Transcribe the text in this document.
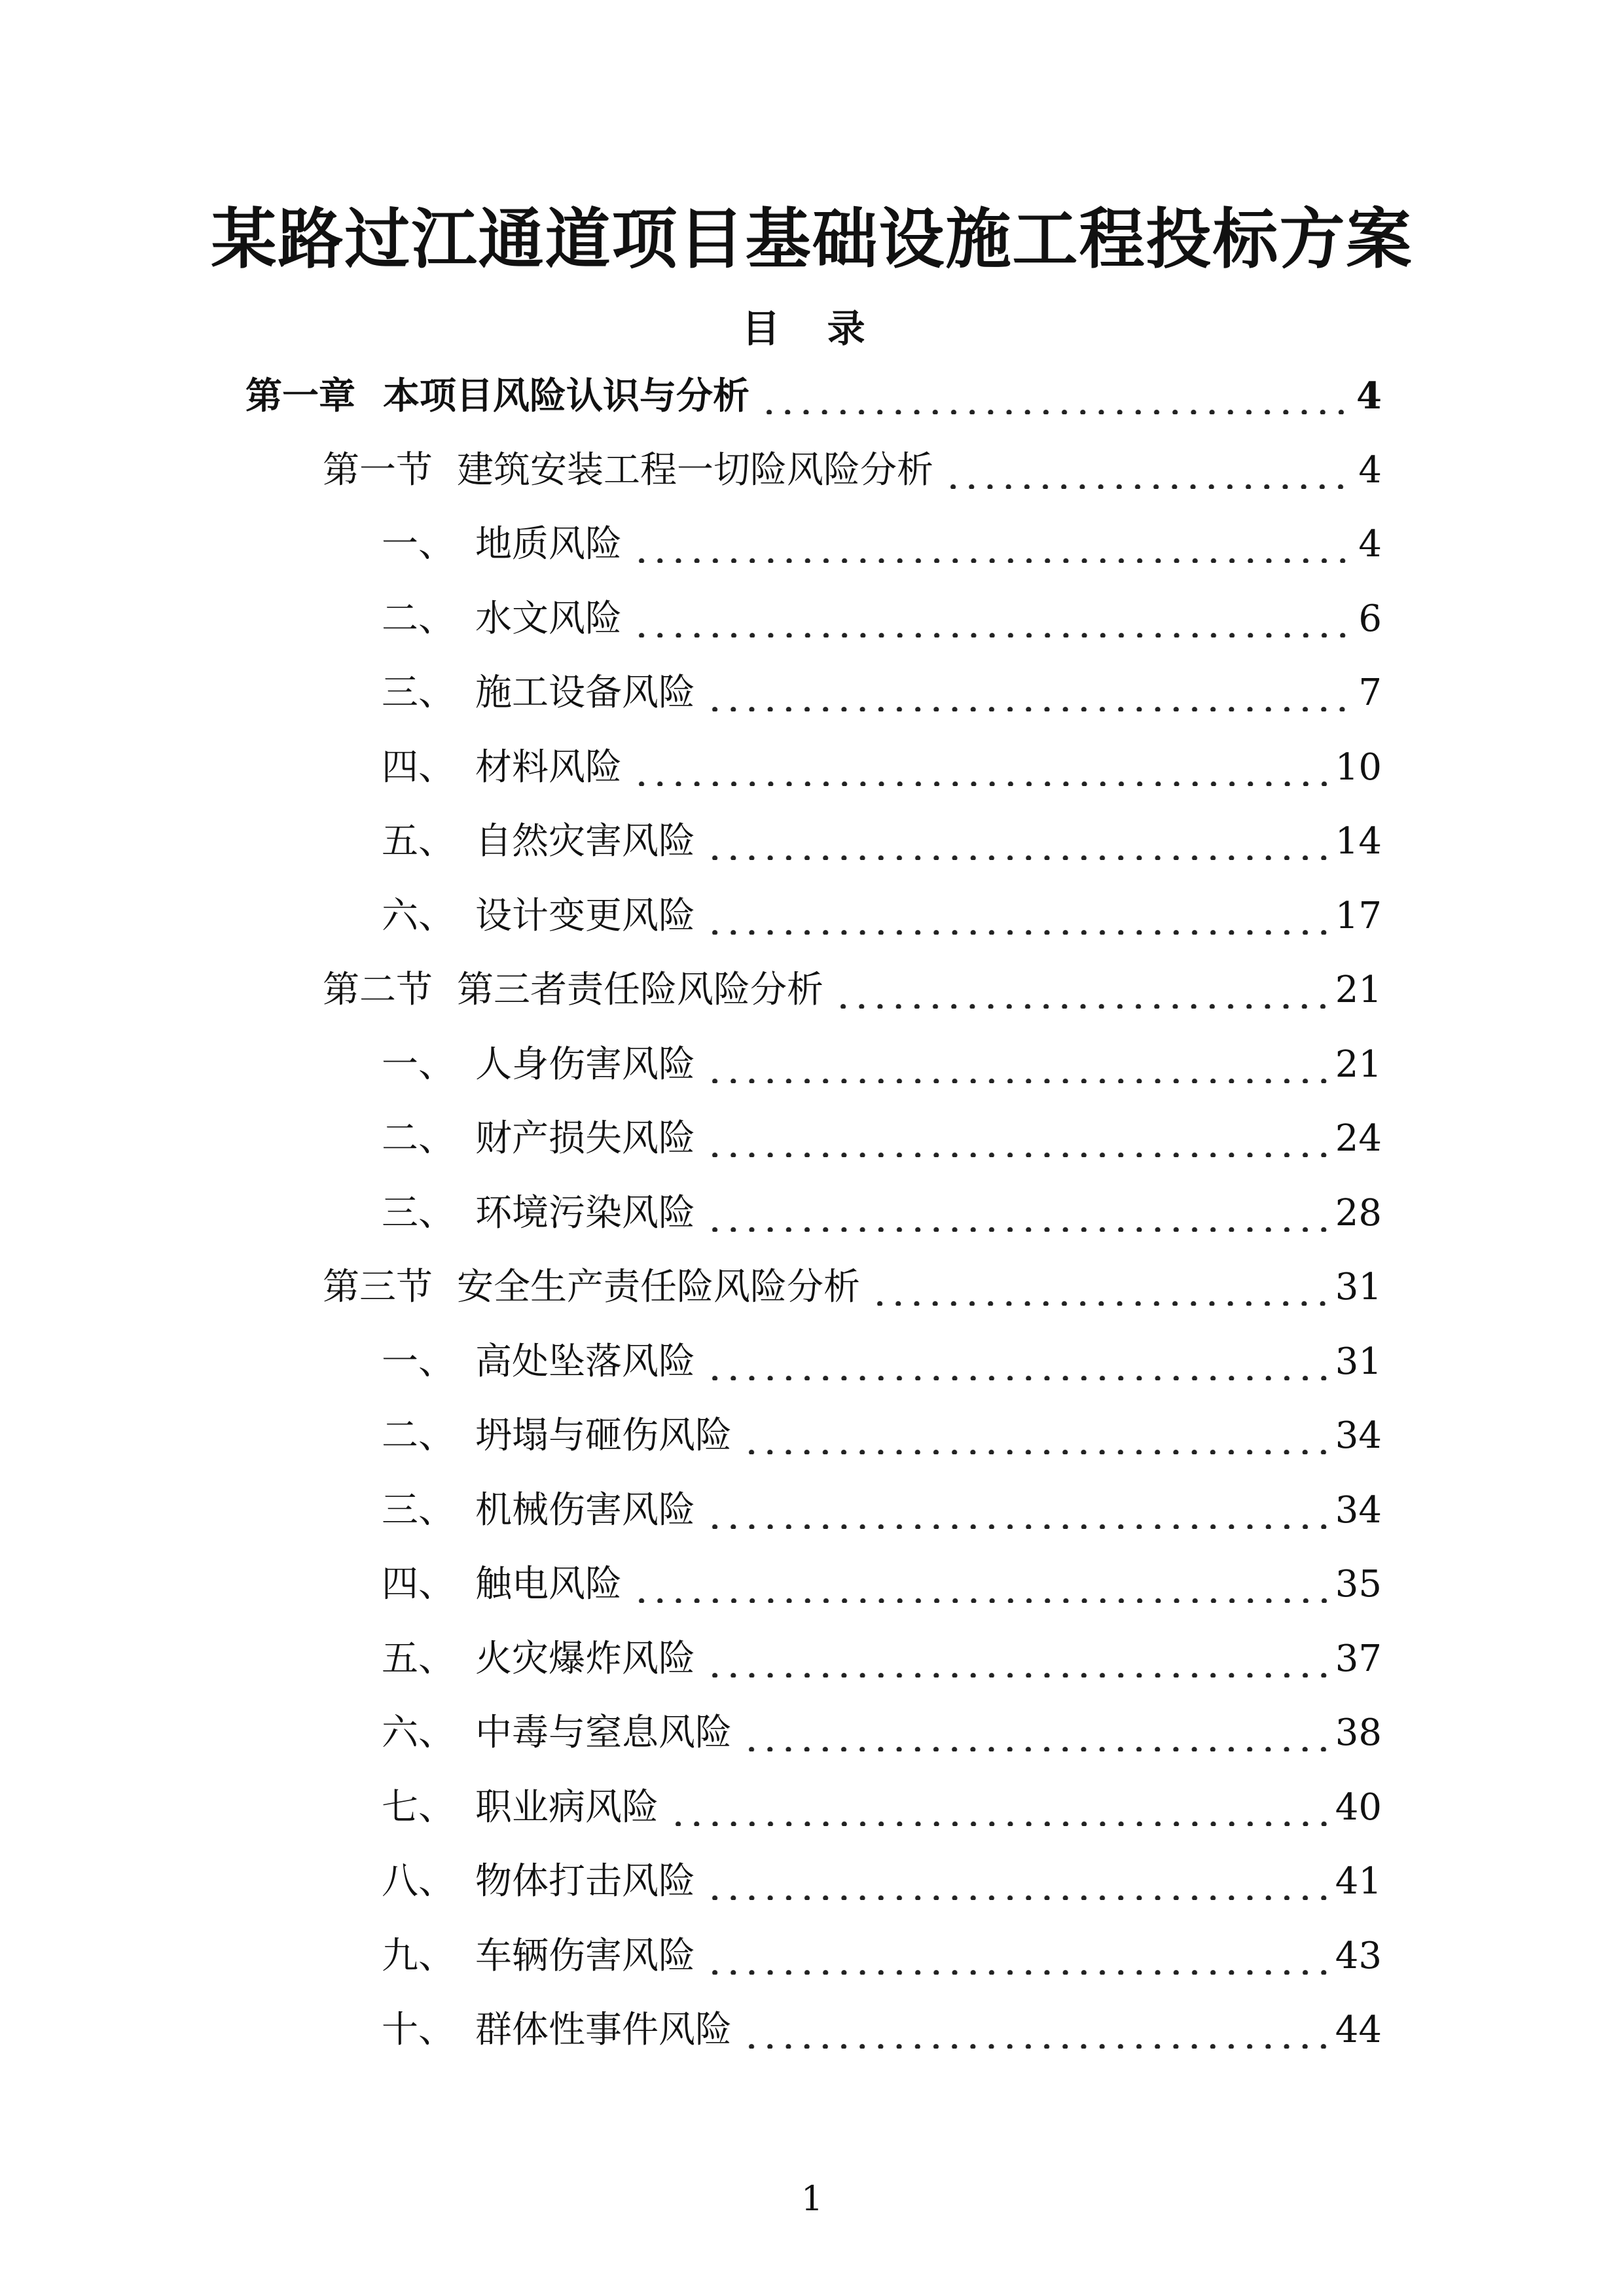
某路过江通道项目基础设施工程投标方案
目 录
第一章 本项目风险认识与分析	4
第一节 建筑安装工程一切险风险分析	4
一、 地质风险	4
二、 水文风险	6
三、 施工设备风险	7
四、 材料风险	10
五、 自然灾害风险	14
六、 设计变更风险	17
第二节 第三者责任险风险分析	21
一、 人身伤害风险	21
二、 财产损失风险	24
三、 环境污染风险	28
第三节 安全生产责任险风险分析	31
一、 高处坠落风险	31
二、 坍塌与砸伤风险	34
三、 机械伤害风险	34
四、 触电风险	35
五、 火灾爆炸风险	37
六、 中毒与窒息风险	38
七、 职业病风险	40
八、 物体打击风险	41
九、 车辆伤害风险	43
十、 群体性事件风险	44
1
